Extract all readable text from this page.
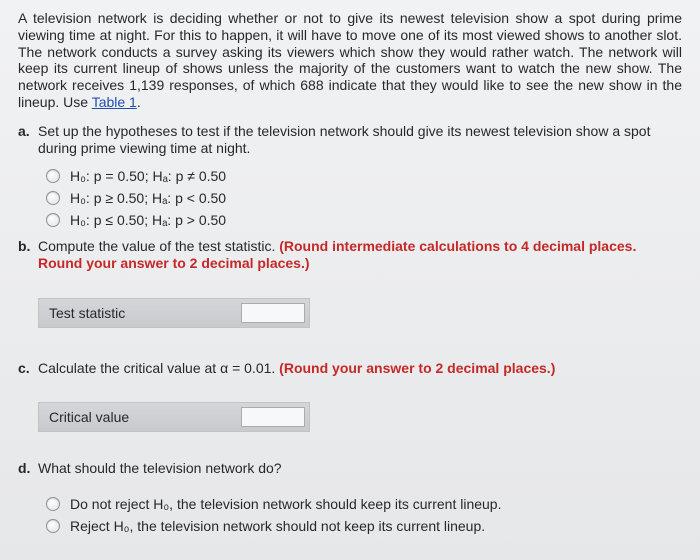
A television network is deciding whether or not to give its newest television show a spot during prime viewing time at night. For this to happen, it will have to move one of its most viewed shows to another slot. The network conducts a survey asking its viewers which show they would rather watch. The network will keep its current lineup of shows unless the majority of the customers want to watch the new show. The network receives 1,139 responses, of which 688 indicate that they would like to see the new show in the lineup. Use Table 1.
a. Set up the hypotheses to test if the television network should give its newest television show a spot during prime viewing time at night.
H₀: p = 0.50; Hₐ: p ≠ 0.50
H₀: p ≥ 0.50; Hₐ: p < 0.50
H₀: p ≤ 0.50; Hₐ: p > 0.50
b. Compute the value of the test statistic. (Round intermediate calculations to 4 decimal places. Round your answer to 2 decimal places.)
Test statistic
c. Calculate the critical value at α = 0.01. (Round your answer to 2 decimal places.)
Critical value
d. What should the television network do?
Do not reject H₀, the television network should keep its current lineup.
Reject H₀, the television network should not keep its current lineup.
